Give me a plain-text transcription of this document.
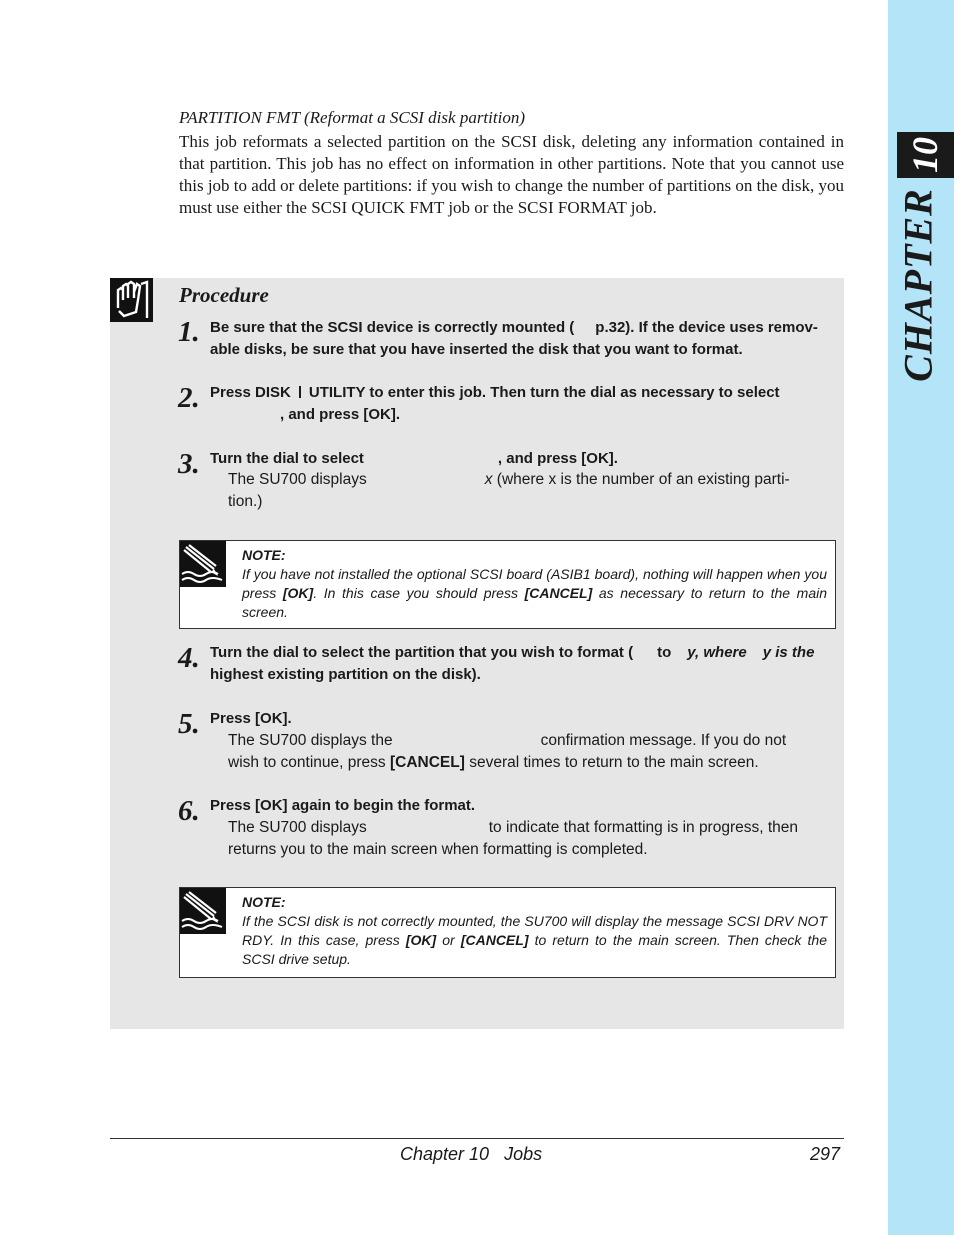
10
CHAPTER
PARTITION FMT (Reformat a SCSI disk partition)
This job reformats a selected partition on the SCSI disk, deleting any information contained in that partition. This job has no effect on information in other partitions. Note that you cannot use this job to add or delete partitions: if you wish to change the number of partitions on the disk, you must use either the SCSI QUICK FMT job or the SCSI FORMAT job.
Procedure
1. Be sure that the SCSI device is correctly mounted ( p.32). If the device uses remov-
able disks, be sure that you have inserted the disk that you want to format.
2. Press DISK UTILITY to enter this job. Then turn the dial as necessary to select
, and press [OK].
3. Turn the dial to select	, and press [OK].
The SU700 displays	x (where x is the number of an existing parti-
tion.)
NOTE:
If you have not installed the optional SCSI board (ASIB1 board), nothing will happen when you press [OK]. In this case you should press [CANCEL] as necessary to return to the main screen.
4. Turn the dial to select the partition that you wish to format ( to y, where y is the
highest existing partition on the disk).
5. Press [OK].
The SU700 displays the	confirmation message. If you do not
wish to continue, press [CANCEL] several times to return to the main screen.
6. Press [OK] again to begin the format.
The SU700 displays	to indicate that formatting is in progress, then
returns you to the main screen when formatting is completed.
NOTE:
If the SCSI disk is not correctly mounted, the SU700 will display the message SCSI DRV NOT RDY. In this case, press [OK] or [CANCEL] to return to the main screen. Then check the SCSI drive setup.
Chapter 10   Jobs	297
